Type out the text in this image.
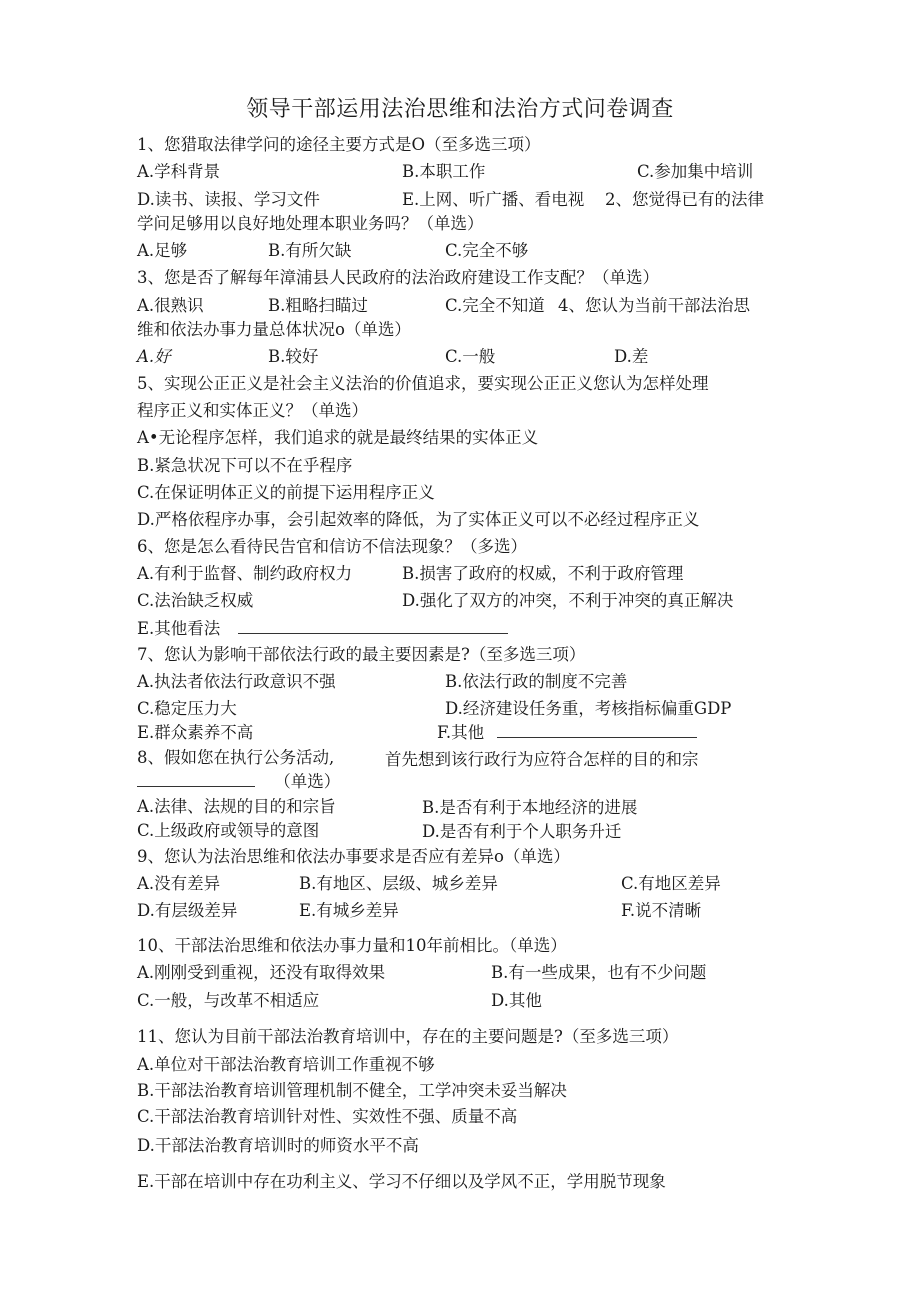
领导干部运用法治思维和法治方式问卷调查
1、您猎取法律学问的途径主要方式是O（至多选三项）
A.学科背景	B.本职工作	C.参加集中培训
D.读书、读报、学习文件	E.上网、听广播、看电视 2、您觉得已有的法律
学问足够用以良好地处理本职业务吗？（单选）
A.足够	B.有所欠缺	C.完全不够
3、您是否了解每年漳浦县人民政府的法治政府建设工作支配？（单选）
A.很熟识	B.粗略扫瞄过	C.完全不知道 4、您认为当前干部法治思
维和依法办事力量总体状况o（单选）
A.好	B.较好	C.一般	D.差
5、实现公正正义是社会主义法治的价值追求，要实现公正正义您认为怎样处理
程序正义和实体正义？（单选）
A•无论程序怎样，我们追求的就是最终结果的实体正义
B.紧急状况下可以不在乎程序
C.在保证明体正义的前提下运用程序正义
D.严格依程序办事，会引起效率的降低，为了实体正义可以不必经过程序正义
6、您是怎么看待民告官和信访不信法现象？（多选）
A.有利于监督、制约政府权力	B.损害了政府的权威，不利于政府管理
C.法治缺乏权威	D.强化了双方的冲突，不利于冲突的真正解决
E.其他看法
7、您认为影响干部依法行政的最主要因素是?（至多选三项）
A.执法者依法行政意识不强	B.依法行政的制度不完善
C.稳定压力大	D.经济建设任务重，考核指标偏重GDP
E.群众素养不高	F.其他
8、假如您在执行公务活动,	首先想到该行政行为应符合怎样的目的和宗
（单选）
A.法律、法规的目的和宗旨	B.是否有利于本地经济的进展
C.上级政府或领导的意图	D.是否有利于个人职务升迁
9、您认为法治思维和依法办事要求是否应有差异o（单选）
A.没有差异	B.有地区、层级、城乡差异	C.有地区差异
D.有层级差异	E.有城乡差异	F.说不清晰
10、干部法治思维和依法办事力量和10年前相比。（单选）
A.刚刚受到重视，还没有取得效果	B.有一些成果，也有不少问题
C.一般，与改革不相适应	D.其他
11、您认为目前干部法治教育培训中，存在的主要问题是?（至多选三项）
A.单位对干部法治教育培训工作重视不够
B.干部法治教育培训管理机制不健全，工学冲突未妥当解决
C.干部法治教育培训针对性、实效性不强、质量不高
D.干部法治教育培训时的师资水平不高
E.干部在培训中存在功利主义、学习不仔细以及学风不正，学用脱节现象
